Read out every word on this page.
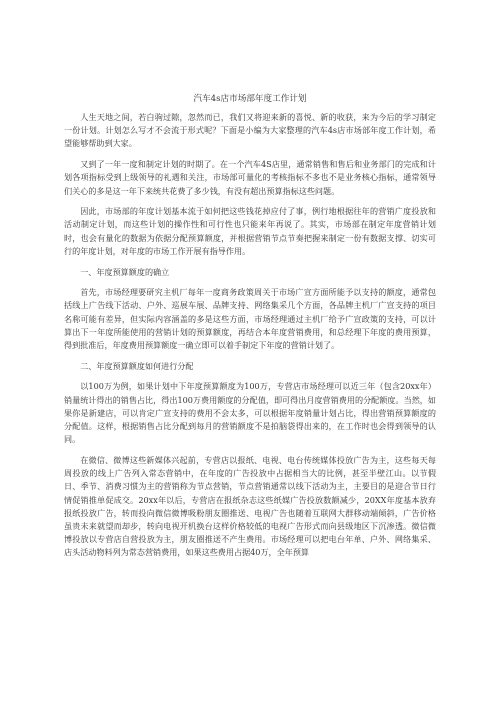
汽车4s店市场部年度工作计划
人生天地之间，若白驹过隙，忽然而已，我们又将迎来新的喜悦、新的收获，来为今后的学习制定一份计划。计划怎么写才不会流于形式呢？下面是小编为大家整理的汽车4s店市场部年度工作计划，希望能够帮助到大家。
又到了一年一度和制定计划的时期了。在一个汽车4S店里，通常销售和售后和业务部门的完成和计划各项指标受到上级领导的礼遇和关注，市场部可量化的考核指标不多也不是业务核心指标，通常领导们关心的多是这一年下来统共花费了多少钱，有没有超出预算指标这些问题。
因此，市场部的年度计划基本流于如何把这些钱花掉应付了事，例行地根据往年的营销广度投放和活动制定计划，而这些计划的操作性和可行性也只能来年再说了。其实，市场部在制定年度营销计划时，也会有量化的数据为依据分配预算额度，并根据营销节点节奏把握来制定一份有数据支撑、切实可行的年度计划，对年度的市场工作开展有指导作用。
一、年度预算额度的确立
首先，市场经理要研究主机厂每年一度商务政策周关于市场广宣方面所能予以支持的额度，通常包括线上广告线下活动、户外、巡展车展、品牌支持、网络集采几个方面，各品牌主机厂广宣支持的项目名称可能有差异，但实际内容涵盖的多是这些方面，市场经理通过主机厂给予广宣政策的支持，可以计算出下一年度所能使用的营销计划的预算额度，再结合本年度营销费用，和总经理下年度的费用预算，得到批准后，年度费用预算额度一确立即可以着手制定下年度的营销计划了。
二、年度预算额度如何进行分配
以100万为例，如果计划中下年度预算额度为100万，专营店市场经理可以近三年（包含20xx年）销量统计得出的销售占比，得出100万费用额度的分配值，即可得出月度营销费用的分配额度。当然，如果你是新建店，可以肯定广宣支持的费用不会太多，可以根据年度销量计划占比，得出营销预算额度的分配值。这样，根据销售占比分配到每月的营销额度不是拍脑袋得出来的，在工作时也会得到领导的认同。
在微信、微博这些新媒体兴起前，专营店以报纸、电视、电台传统媒体投放广告为主，这些每天每周投放的线上广告列入常态营销中，在年度的广告投放中占据相当大的比例，甚至半壁江山。以节假日、季节、消费习惯为主的营销称为节点营销，节点营销通常以线下活动为主，主要目的是迎合节日行情促销推单促成交。20xx年以后，专营店在报纸杂志这些纸媒广告投放数额减少，20XX年度基本放弃报纸投放广告，转而投向微信微博吸粉朋友圈推送、电视广告也随着互联网大群移动端倾斜，广告价格虽贵未来就望而却步，转向电视开机换台这样价格较低的电视广告形式而向县级地区下沉渗透。微信微博投放以专营店自营投放为主，朋友圈推送不产生费用。市场经理可以把电台年单、户外、网络集采、店头活动物料列为常态营销费用，如果这些费用占据40万，全年预算
